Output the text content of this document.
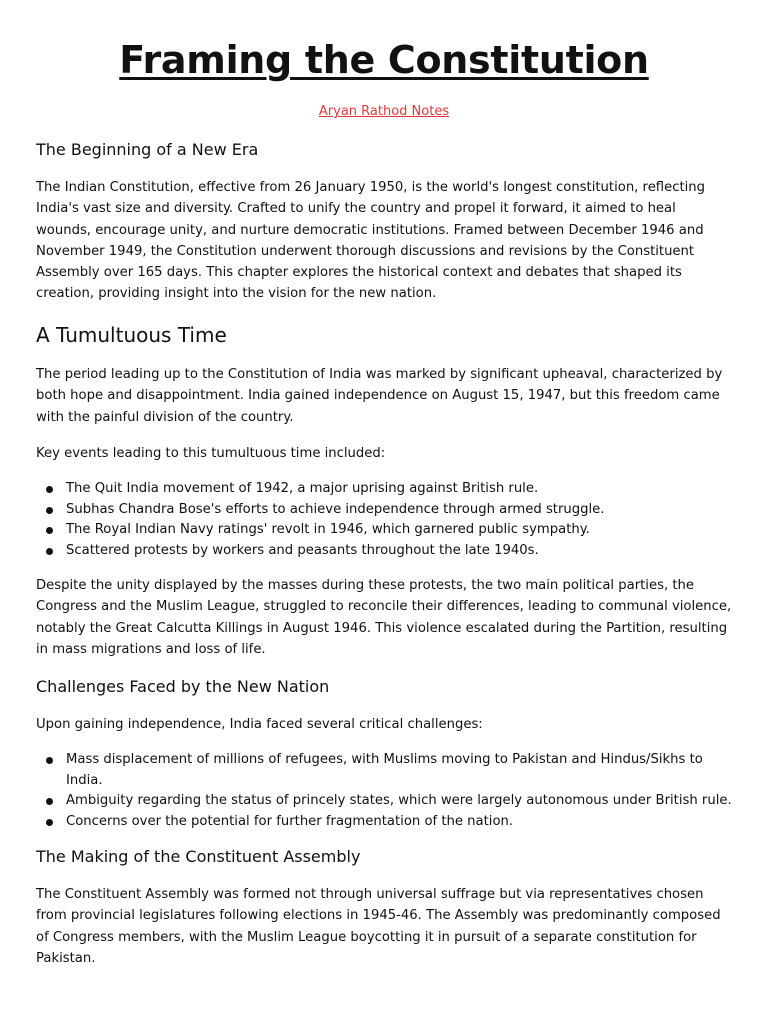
Framing the Constitution
Aryan Rathod Notes
The Beginning of a New Era

The Indian Constitution, effective from 26 January 1950, is the world's longest constitution, reflecting India's vast size and diversity. Crafted to unify the country and propel it forward, it aimed to heal wounds, encourage unity, and nurture democratic institutions. Framed between December 1946 and November 1949, the Constitution underwent thorough discussions and revisions by the Constituent Assembly over 165 days. This chapter explores the historical context and debates that shaped its creation, providing insight into the vision for the new nation.

A Tumultuous Time

The period leading up to the Constitution of India was marked by significant upheaval, characterized by both hope and disappointment. India gained independence on August 15, 1947, but this freedom came with the painful division of the country.

Key events leading to this tumultuous time included:

The Quit India movement of 1942, a major uprising against British rule.
Subhas Chandra Bose's efforts to achieve independence through armed struggle.
The Royal Indian Navy ratings' revolt in 1946, which garnered public sympathy.
Scattered protests by workers and peasants throughout the late 1940s.

Despite the unity displayed by the masses during these protests, the two main political parties, the Congress and the Muslim League, struggled to reconcile their differences, leading to communal violence, notably the Great Calcutta Killings in August 1946. This violence escalated during the Partition, resulting in mass migrations and loss of life.

Challenges Faced by the New Nation

Upon gaining independence, India faced several critical challenges:

Mass displacement of millions of refugees, with Muslims moving to Pakistan and Hindus/Sikhs to India.
Ambiguity regarding the status of princely states, which were largely autonomous under British rule.
Concerns over the potential for further fragmentation of the nation.
The Making of the Constituent Assembly

The Constituent Assembly was formed not through universal suffrage but via representatives chosen from provincial legislatures following elections in 1945-46. The Assembly was predominantly composed of Congress members, with the Muslim League boycotting it in pursuit of a separate constitution for Pakistan.
